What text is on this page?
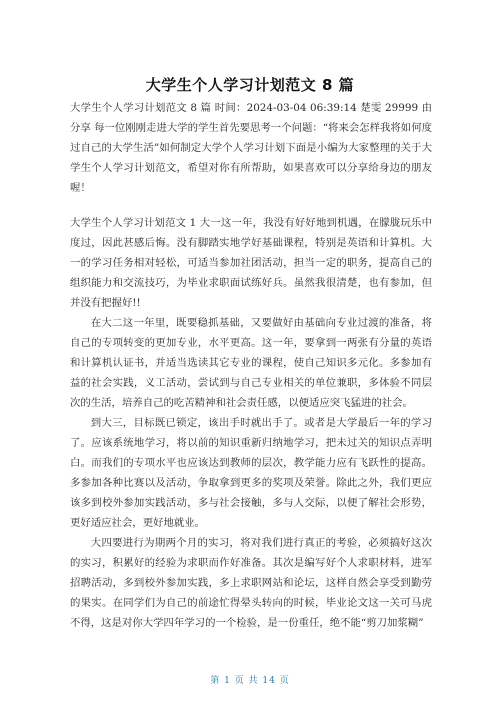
大学生个人学习计划范文 8 篇

大学生个人学习计划范文 8 篇 时间：2024-03-04 06:39:14 楚雯 29999 由 分享 每一位刚刚走进大学的学生首先要思考一个问题：“将来会怎样我将如何度过自己的大学生活”如何制定大学个人学习计划下面是小编为大家整理的关于大学生个人学习计划范文，希望对你有所帮助，如果喜欢可以分享给身边的朋友喔！

大学生个人学习计划范文 1 大一这一年，我没有好好地到机遇，在朦胧玩乐中度过，因此甚感后悔。没有脚踏实地学好基础课程，特别是英语和计算机。大一的学习任务相对轻松，可适当参加社团活动，担当一定的职务，提高自己的组织能力和交流技巧，为毕业求职面试练好兵。虽然我很清楚，也有参加，但并没有把握好!!

在大二这一年里，既要稳抓基础，又要做好由基础向专业过渡的准备，将自己的专项转变的更加专业，水平更高。这一年，要拿到一两张有分量的英语和计算机认证书，并适当选读其它专业的课程，使自己知识多元化。多参加有益的社会实践，义工活动，尝试到与自己专业相关的单位兼职，多体验不同层次的生活，培养自己的吃苦精神和社会责任感，以便适应突飞猛进的社会。

到大三，目标既已锁定，该出手时就出手了。或者是大学最后一年的学习了。应该系统地学习，将以前的知识重新归纳地学习，把未过关的知识点弄明白。而我们的专项水平也应该达到教师的层次，教学能力应有飞跃性的提高。多参加各种比赛以及活动，争取拿到更多的奖项及荣誉。除此之外，我们更应该多到校外参加实践活动，多与社会接触，多与人交际，以便了解社会形势，更好适应社会，更好地就业。

大四要进行为期两个月的实习，将对我们进行真正的考验，必须搞好这次的实习，积累好的经验为求职而作好准备。其次是编写好个人求职材料，进军招聘活动，多到校外参加实践，多上求职网站和论坛，这样自然会享受到勤劳的果实。在同学们为自己的前途忙得晕头转向的时候，毕业论文这一关可马虎不得，这是对你大学四年学习的一个检验，是一份重任，绝不能“剪刀加浆糊”

第 1 页 共 14 页
